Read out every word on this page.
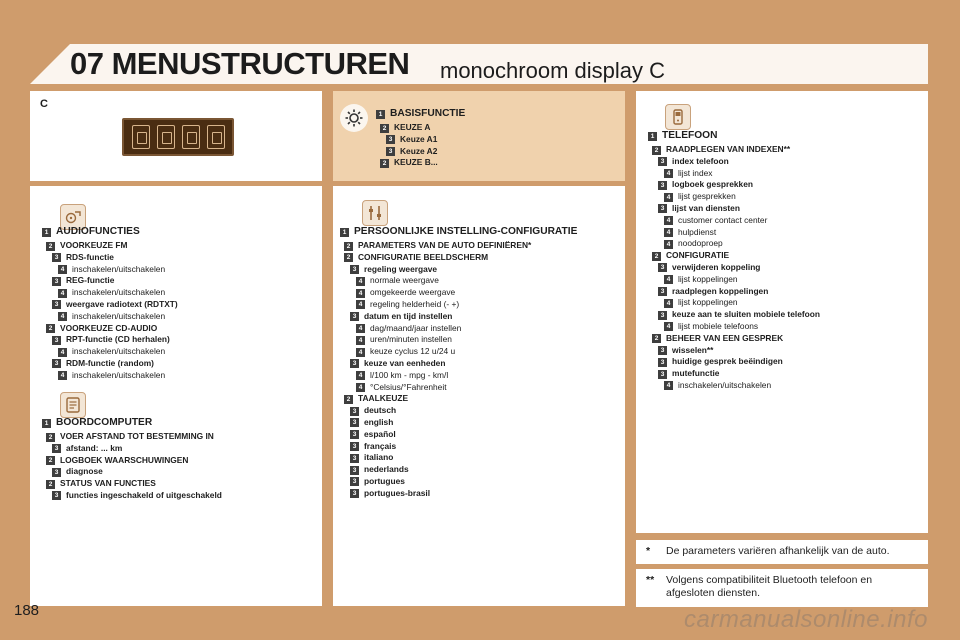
07 MENUSTRUCTUREN monochroom display C
C
1 BASISFUNCTIE
2 KEUZE A
3 Keuze A1
3 Keuze A2
2 KEUZE B...
1 AUDIOFUNCTIES
2 VOORKEUZE FM
3 RDS-functie
4 inschakelen/uitschakelen
3 REG-functie
4 inschakelen/uitschakelen
3 weergave radiotext (RDTXT)
4 inschakelen/uitschakelen
2 VOORKEUZE CD-AUDIO
3 RPT-functie (CD herhalen)
4 inschakelen/uitschakelen
3 RDM-functie (random)
4 inschakelen/uitschakelen
1 BOORDCOMPUTER
2 VOER AFSTAND TOT BESTEMMING IN
3 afstand: ... km
2 LOGBOEK WAARSCHUWINGEN
3 diagnose
2 STATUS VAN FUNCTIES
3 functies ingeschakeld of uitgeschakeld
1 PERSOONLIJKE INSTELLING-CONFIGURATIE
2 PARAMETERS VAN DE AUTO DEFINIËREN*
2 CONFIGURATIE BEELDSCHERM
3 regeling weergave
4 normale weergave
4 omgekeerde weergave
4 regeling helderheid (- +)
3 datum en tijd instellen
4 dag/maand/jaar instellen
4 uren/minuten instellen
4 keuze cyclus 12 u/24 u
3 keuze van eenheden
4 l/100 km - mpg - km/l
4 °Celsius/°Fahrenheit
2 TAALKEUZE
3 deutsch
3 english
3 español
3 français
3 italiano
3 nederlands
3 portugues
3 portugues-brasil
1 TELEFOON
2 RAADPLEGEN VAN INDEXEN**
3 index telefoon
4 lijst index
3 logboek gesprekken
4 lijst gesprekken
3 lijst van diensten
4 customer contact center
4 hulpdienst
4 noodoproep
2 CONFIGURATIE
3 verwijderen koppeling
4 lijst koppelingen
3 raadplegen koppelingen
4 lijst koppelingen
3 keuze aan te sluiten mobiele telefoon
4 lijst mobiele telefoons
2 BEHEER VAN EEN GESPREK
3 wisselen**
3 huidige gesprek beëindigen
3 mutefunctie
4 inschakelen/uitschakelen
* De parameters variëren afhankelijk van de auto.
** Volgens compatibiliteit Bluetooth telefoon en afgesloten diensten.
188	carmanualsonline.info
